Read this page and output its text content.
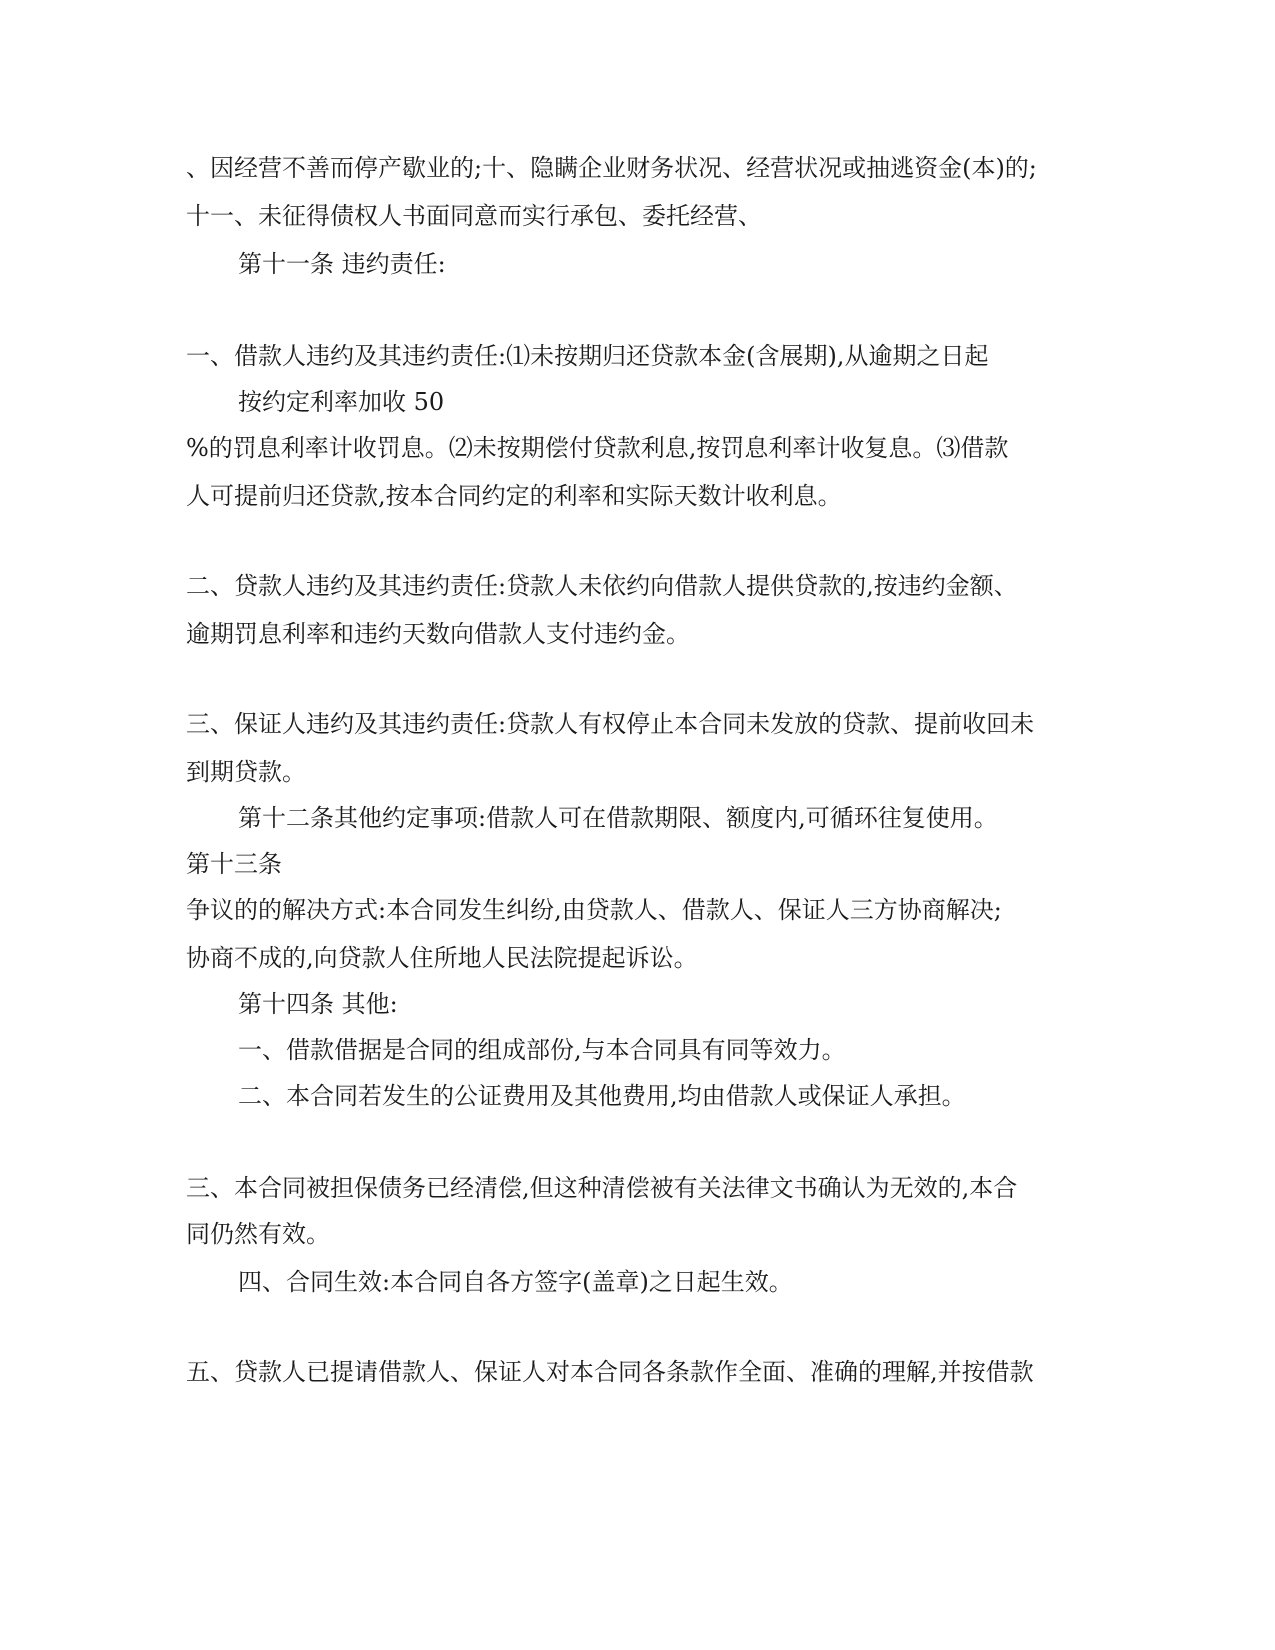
、因经营不善而停产歇业的;十、隐瞒企业财务状况、经营状况或抽逃资金(本)的;

十一、未征得债权人书面同意而实行承包、委托经营、

第十一条 违约责任:

一、借款人违约及其违约责任:⑴未按期归还贷款本金(含展期),从逾期之日起

按约定利率加收 50

%的罚息利率计收罚息。⑵未按期偿付贷款利息,按罚息利率计收复息。⑶借款

人可提前归还贷款,按本合同约定的利率和实际天数计收利息。

二、贷款人违约及其违约责任:贷款人未依约向借款人提供贷款的,按违约金额、

逾期罚息利率和违约天数向借款人支付违约金。

三、保证人违约及其违约责任:贷款人有权停止本合同未发放的贷款、提前收回未

到期贷款。

第十二条其他约定事项:借款人可在借款期限、额度内,可循环往复使用。

第十三条

争议的的解决方式:本合同发生纠纷,由贷款人、借款人、保证人三方协商解决;

协商不成的,向贷款人住所地人民法院提起诉讼。

第十四条 其他:

一、借款借据是合同的组成部份,与本合同具有同等效力。

二、本合同若发生的公证费用及其他费用,均由借款人或保证人承担。

三、本合同被担保债务已经清偿,但这种清偿被有关法律文书确认为无效的,本合

同仍然有效。

四、合同生效:本合同自各方签字(盖章)之日起生效。

五、贷款人已提请借款人、保证人对本合同各条款作全面、准确的理解,并按借款
